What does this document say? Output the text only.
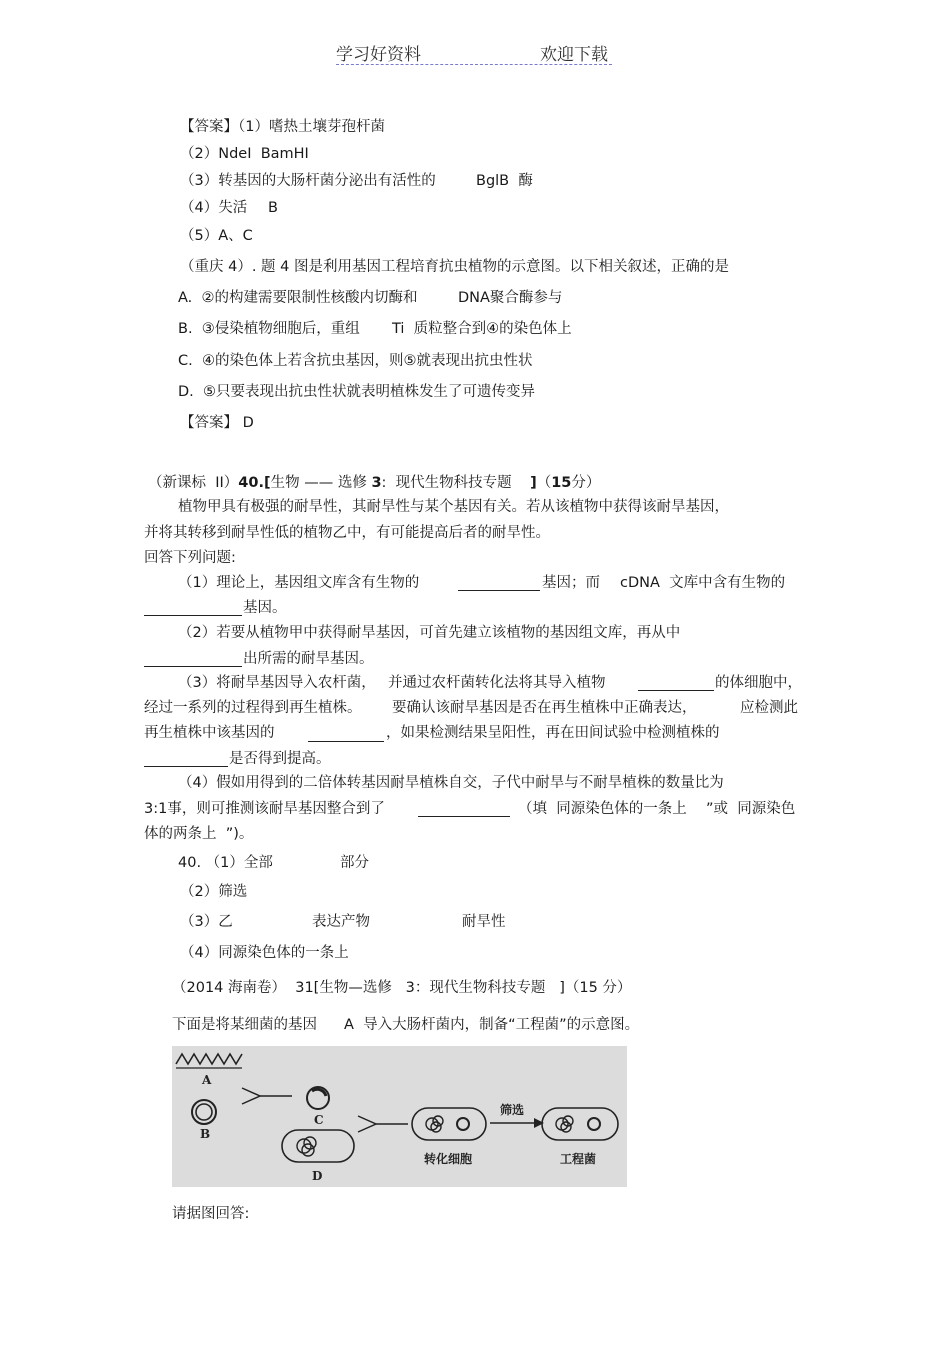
学习好资料	欢迎下载
【答案】（1）嗜热土壤芽孢杆菌
（2）NdeⅠ  BamHⅠ
（3）转基因的大肠杆菌分泌出有活性的	BglB  酶
（4）失活 B
（5）A、C
（重庆 4）. 题 4 图是利用基因工程培育抗虫植物的示意图。以下相关叙述，正确的是
A.  ②的构建需要限制性核酸内切酶和	DNA聚合酶参与
B.  ③侵染植物细胞后，重组 Ti  质粒整合到④的染色体上
C.  ④的染色体上若含抗虫基因，则⑤就表现出抗虫性状
D.  ⑤只要表现出抗虫性状就表明植株发生了可遗传变异
【答案】 D
（新课标  II）40.[生物 —— 选修 3:  现代生物科技专题 ]（15分）
植物甲具有极强的耐旱性，其耐旱性与某个基因有关。若从该植物中获得该耐旱基因，
并将其转移到耐旱性低的植物乙中，有可能提高后者的耐旱性。
回答下列问题:
（1）理论上，基因组文库含有生物的	基因；而 cDNA  文库中含有生物的
基因。
（2）若要从植物甲中获得耐旱基因，可首先建立该植物的基因组文库，再从中
出所需的耐旱基因。
（3）将耐旱基因导入农杆菌， 并通过农杆菌转化法将其导入植物	的体细胞中，
经过一系列的过程得到再生植株。 要确认该耐旱基因是否在再生植株中正确表达，	应检测此
再生植株中该基因的	，如果检测结果呈阳性，再在田间试验中检测植株的
是否得到提高。
（4）假如用得到的二倍体转基因耐旱植株自交，子代中耐旱与不耐旱植株的数量比为
3:1事，则可推测该耐旱基因整合到了	（填  同源染色体的一条上 ”或  同源染色
体的两条上  ”)。
40. （1）全部	部分
（2）筛选
（3）乙	表达产物	耐旱性
（4）同源染色体的一条上
（2014 海南卷）  31[生物—选修   3：现代生物科技专题   ]（15 分）
下面是将某细菌的基因 A  导入大肠杆菌内，制备“工程菌”的示意图。
A
B
C
D
转化细胞
筛选
工程菌
请据图回答:
